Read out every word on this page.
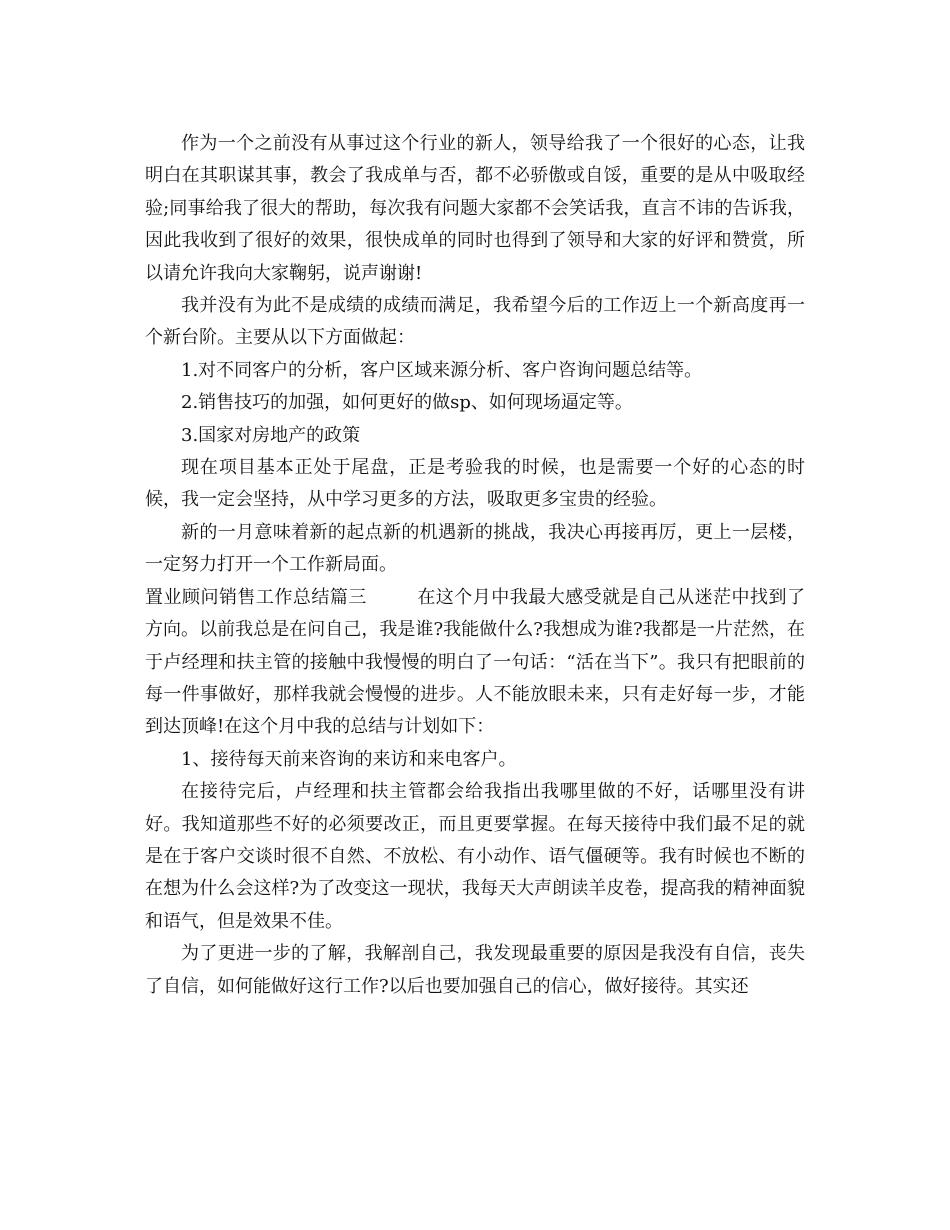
作为一个之前没有从事过这个行业的新人，领导给我了一个很好的心态，让我明白在其职谋其事，教会了我成单与否，都不必骄傲或自馁，重要的是从中吸取经验;同事给我了很大的帮助，每次我有问题大家都不会笑话我，直言不讳的告诉我，因此我收到了很好的效果，很快成单的同时也得到了领导和大家的好评和赞赏，所以请允许我向大家鞠躬，说声谢谢!

我并没有为此不是成绩的成绩而满足，我希望今后的工作迈上一个新高度再一个新台阶。主要从以下方面做起：

1.对不同客户的分析，客户区域来源分析、客户咨询问题总结等。

2.销售技巧的加强，如何更好的做sp、如何现场逼定等。

3.国家对房地产的政策

现在项目基本正处于尾盘，正是考验我的时候，也是需要一个好的心态的时候，我一定会坚持，从中学习更多的方法，吸取更多宝贵的经验。

新的一月意味着新的起点新的机遇新的挑战，我决心再接再厉，更上一层楼，一定努力打开一个工作新局面。

置业顾问销售工作总结篇三	在这个月中我最大感受就是自己从迷茫中找到了方向。以前我总是在问自己，我是谁?我能做什么?我想成为谁?我都是一片茫然，在于卢经理和扶主管的接触中我慢慢的明白了一句话：“活在当下”。我只有把眼前的每一件事做好，那样我就会慢慢的进步。人不能放眼未来，只有走好每一步，才能到达顶峰!在这个月中我的总结与计划如下：

1、接待每天前来咨询的来访和来电客户。

在接待完后，卢经理和扶主管都会给我指出我哪里做的不好，话哪里没有讲好。我知道那些不好的必须要改正，而且更要掌握。在每天接待中我们最不足的就是在于客户交谈时很不自然、不放松、有小动作、语气僵硬等。我有时候也不断的在想为什么会这样?为了改变这一现状，我每天大声朗读羊皮卷，提高我的精神面貌和语气，但是效果不佳。

为了更进一步的了解，我解剖自己，我发现最重要的原因是我没有自信，丧失了自信，如何能做好这行工作?以后也要加强自己的信心，做好接待。其实还
